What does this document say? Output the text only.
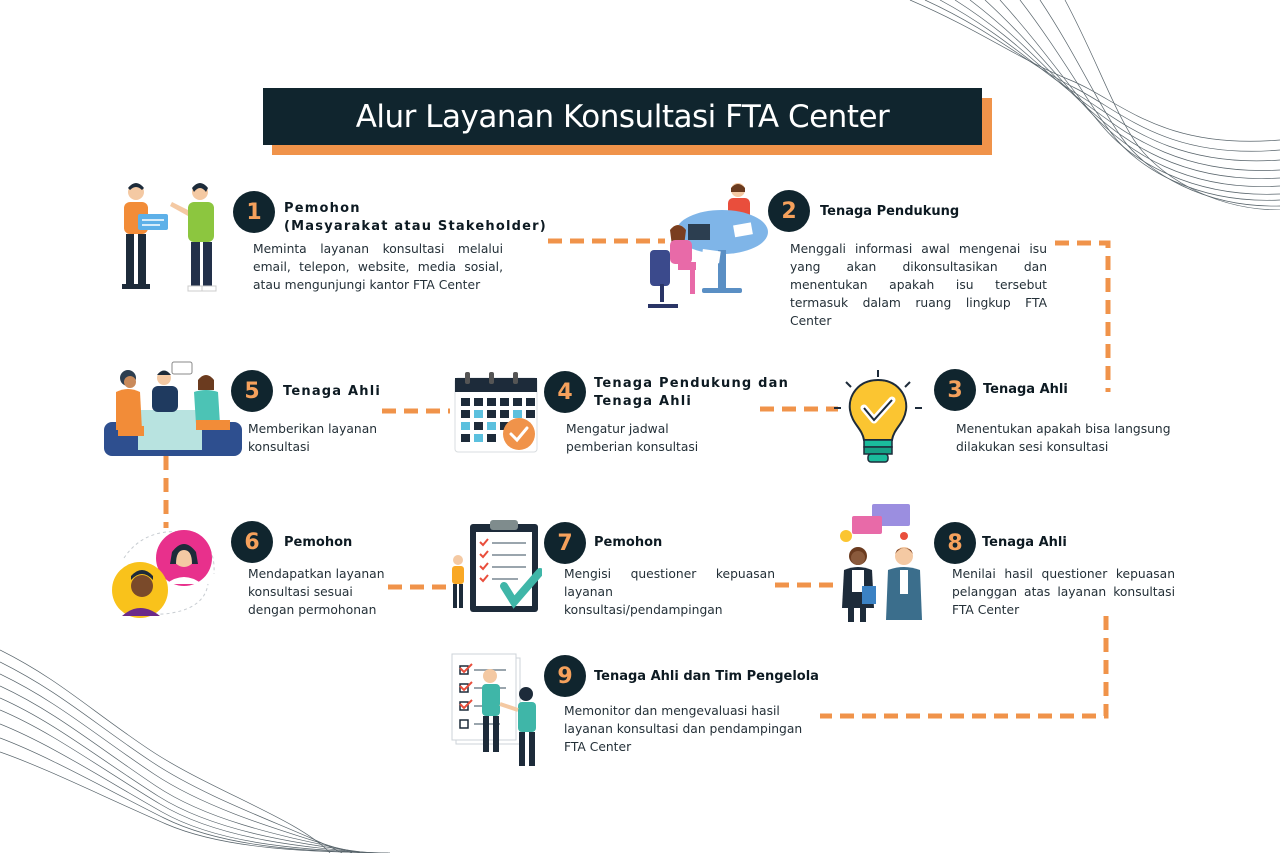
Alur Layanan Konsultasi FTA Center
1	Pemohon
(Masyarakat atau Stakeholder)
Meminta layanan konsultasi melalui email, telepon, website, media sosial, atau mengunjungi kantor FTA Center
2	Tenaga Pendukung
Menggali informasi awal mengenai isu yang akan dikonsultasikan dan menentukan apakah isu tersebut termasuk dalam ruang lingkup FTA Center
3	Tenaga Ahli
Menentukan apakah bisa langsung dilakukan sesi konsultasi
4	Tenaga Pendukung dan
Tenaga Ahli
Mengatur jadwal pemberian konsultasi
5	Tenaga Ahli
Memberikan layanan konsultasi
6	Pemohon
Mendapatkan layanan konsultasi sesuai dengan permohonan
7	Pemohon
Mengisi questioner kepuasan layanan konsultasi/pendampingan
8	Tenaga Ahli
Menilai hasil questioner kepuasan pelanggan atas layanan konsultasi FTA Center
9	Tenaga Ahli dan Tim Pengelola
Memonitor dan mengevaluasi hasil layanan konsultasi dan pendampingan FTA Center
